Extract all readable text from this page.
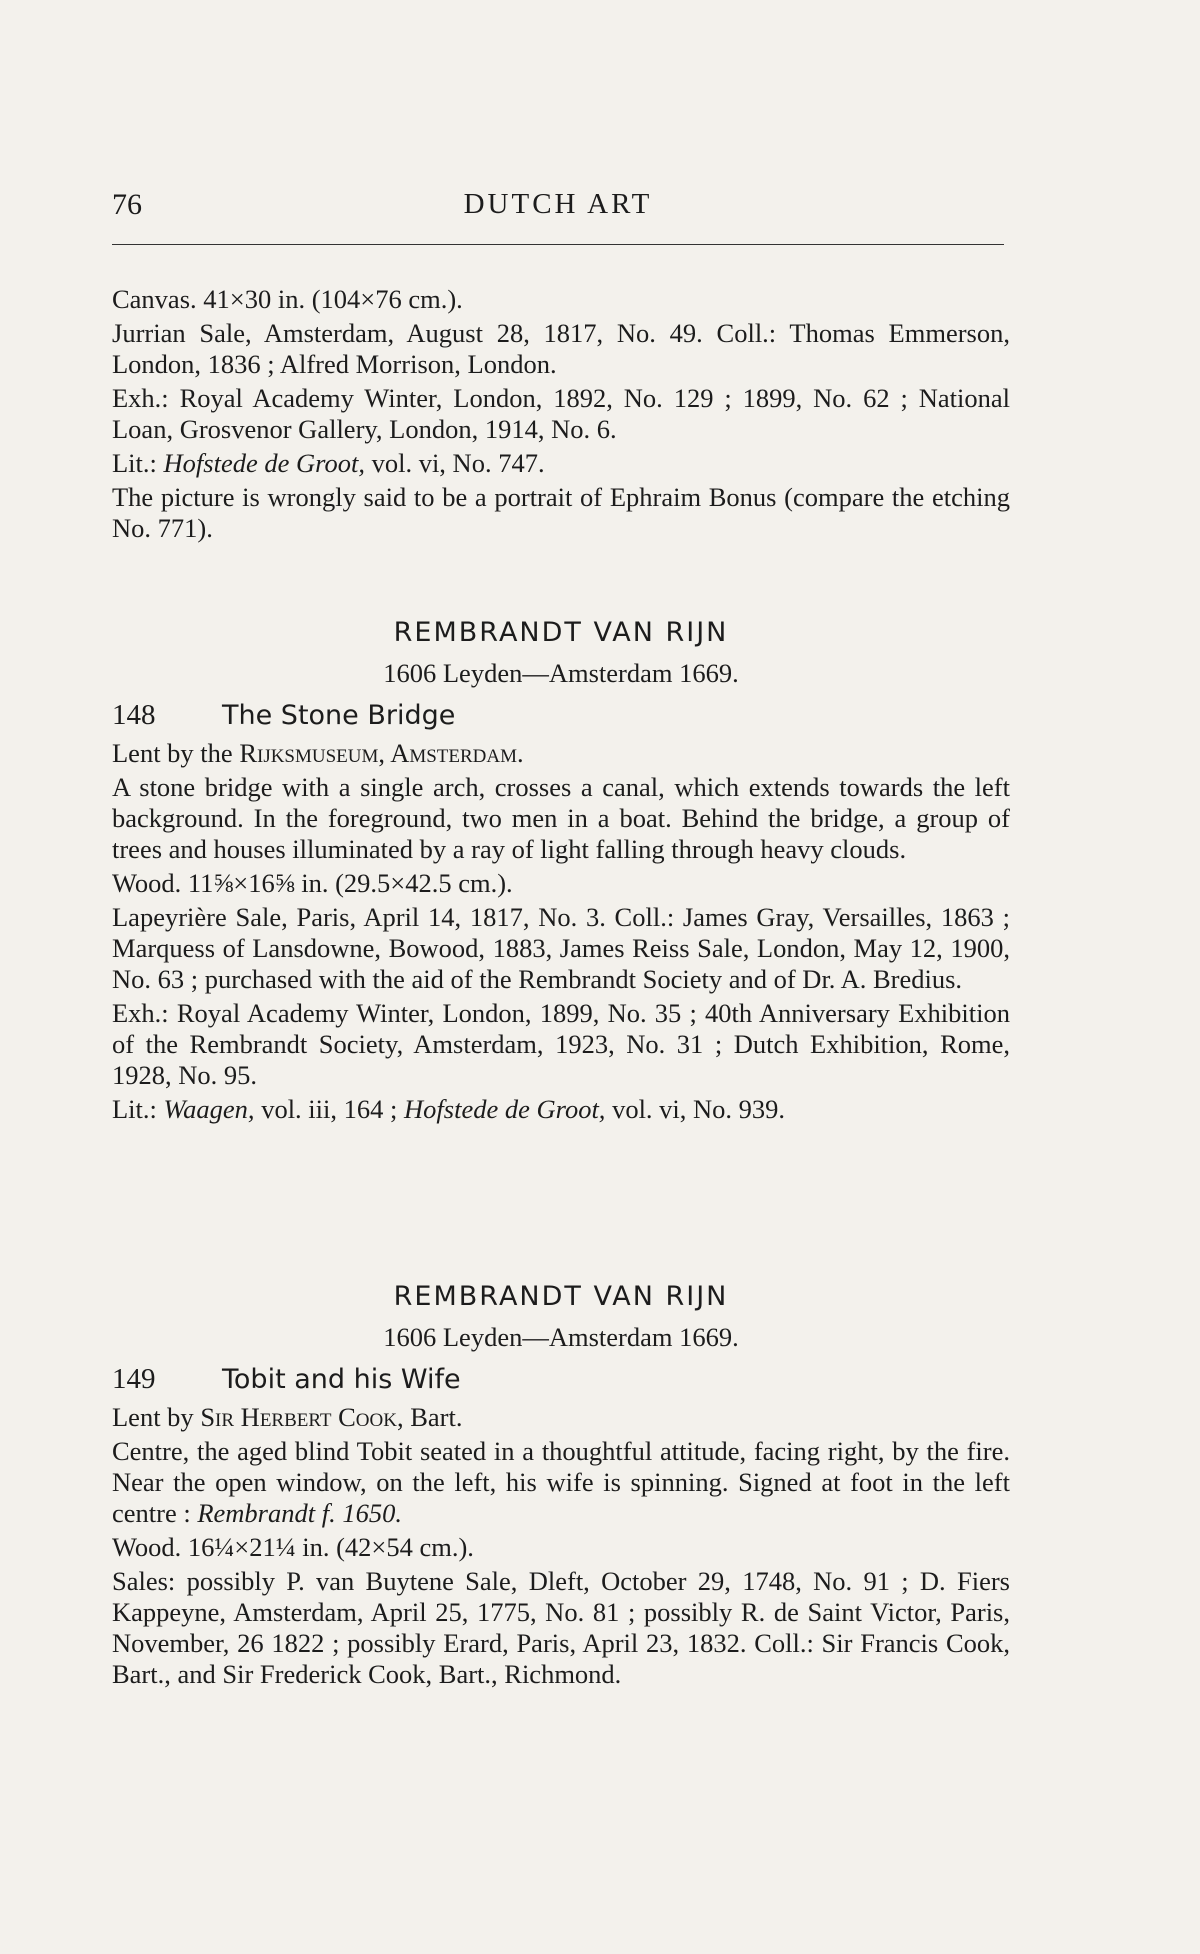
76	DUTCH ART
Canvas. 41×30 in. (104×76 cm.).
Jurrian Sale, Amsterdam, August 28, 1817, No. 49. Coll.: Thomas Emmerson, London, 1836 ; Alfred Morrison, London.
Exh.: Royal Academy Winter, London, 1892, No. 129 ; 1899, No. 62 ; National Loan, Grosvenor Gallery, London, 1914, No. 6.
Lit.: Hofstede de Groot, vol. vi, No. 747.
The picture is wrongly said to be a portrait of Ephraim Bonus (compare the etching No. 771).
REMBRANDT VAN RIJN
1606 Leyden—Amsterdam 1669.
148 The Stone Bridge
Lent by the Rijksmuseum, Amsterdam.
A stone bridge with a single arch, crosses a canal, which extends towards the left background. In the foreground, two men in a boat. Behind the bridge, a group of trees and houses illuminated by a ray of light falling through heavy clouds.
Wood. 11⅝×16⅝ in. (29.5×42.5 cm.).
Lapeyrière Sale, Paris, April 14, 1817, No. 3. Coll.: James Gray, Versailles, 1863 ; Marquess of Lansdowne, Bowood, 1883, James Reiss Sale, London, May 12, 1900, No. 63 ; purchased with the aid of the Rembrandt Society and of Dr. A. Bredius.
Exh.: Royal Academy Winter, London, 1899, No. 35 ; 40th Anniversary Exhibition of the Rembrandt Society, Amsterdam, 1923, No. 31 ; Dutch Exhibition, Rome, 1928, No. 95.
Lit.: Waagen, vol. iii, 164 ; Hofstede de Groot, vol. vi, No. 939.
REMBRANDT VAN RIJN
1606 Leyden—Amsterdam 1669.
149 Tobit and his Wife
Lent by Sir Herbert Cook, Bart.
Centre, the aged blind Tobit seated in a thoughtful attitude, facing right, by the fire. Near the open window, on the left, his wife is spinning. Signed at foot in the left centre : Rembrandt f. 1650.
Wood. 16¼×21¼ in. (42×54 cm.).
Sales: possibly P. van Buytene Sale, Dleft, October 29, 1748, No. 91 ; D. Fiers Kappeyne, Amsterdam, April 25, 1775, No. 81 ; possibly R. de Saint Victor, Paris, November, 26 1822 ; possibly Erard, Paris, April 23, 1832. Coll.: Sir Francis Cook, Bart., and Sir Frederick Cook, Bart., Richmond.
